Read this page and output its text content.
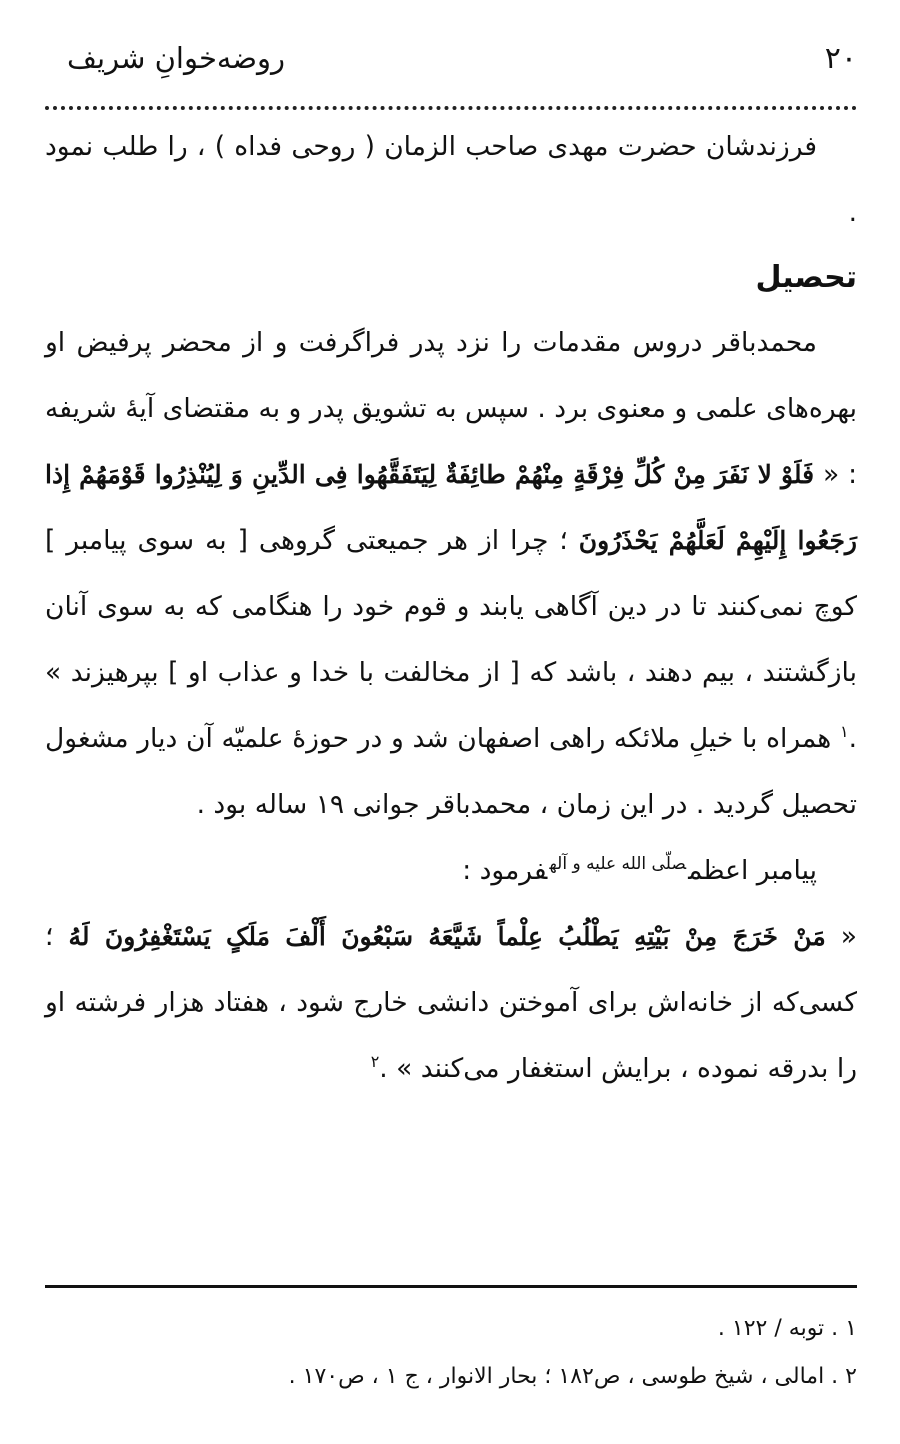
۲۰
روضه‌خوانِ شریف

فرزندشان حضرت مهدی صاحب الزمان ( روحی فداه ) ، را طلب نمود .

تحصیل

محمدباقر دروس مقدمات را نزد پدر فراگرفت و از محضر پرفیض او بهره‌های علمی و معنوی برد . سپس به تشویق پدر و به مقتضای آیهٔ شریفه : « فَلَوْ لا نَفَرَ مِنْ کُلِّ فِرْقَةٍ مِنْهُمْ طائِفَةٌ لِیَتَفَقَّهُوا فِی الدِّینِ وَ لِیُنْذِرُوا قَوْمَهُمْ إِذا رَجَعُوا إِلَیْهِمْ لَعَلَّهُمْ یَحْذَرُونَ ؛ چرا از هر جمیعتی گروهی [ به سوی پیامبر ] کوچ نمی‌کنند تا در دین آگاهی یابند و قوم خود را هنگامی که به سوی آنان بازگشتند ، بیم دهند ، باشد که [ از مخالفت با خدا و عذاب او ] بپرهیزند » .$^۱$ همراه با خیلِ ملائکه راهی اصفهان شد و در حوزهٔ علمیّه آن دیار مشغول تحصیل گردید . در این زمان ، محمدباقر جوانی ۱۹ ساله بود .

پیامبر اعظم$^{صلّی الله علیه و آله}$فرمود :

« مَنْ خَرَجَ مِنْ بَیْتِهِ یَطْلُبُ عِلْماً شَیَّعَهُ سَبْعُونَ أَلْفَ مَلَکٍ یَسْتَغْفِرُونَ لَهُ ؛ کسی‌که از خانه‌اش برای آموختن دانشی خارج شود ، هفتاد هزار فرشته او را بدرقه نموده ، برایش استغفار می‌کنند » .$^۲$

۱ . توبه / ۱۲۲ .

۲ . امالی ، شیخ طوسی ، ص۱۸۲ ؛ بحار الانوار ، ج ۱ ، ص۱۷۰ .
